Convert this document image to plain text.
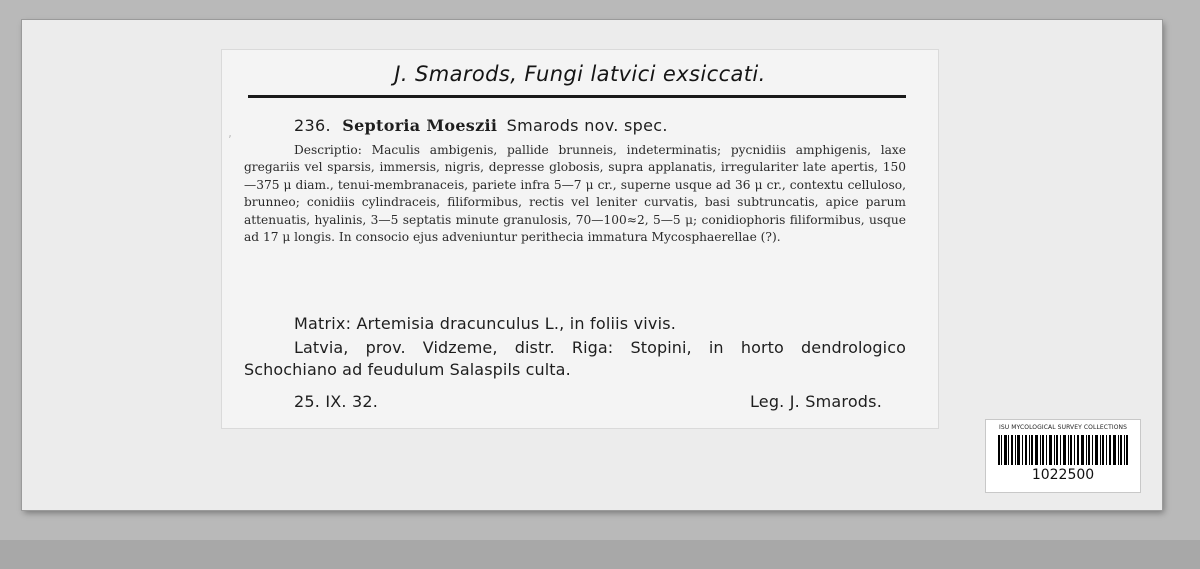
J. Smarods, Fungi latvici exsiccati.
236. Septoria Moeszii Smarods nov. spec.
Descriptio: Maculis ambigenis, pallide brunneis, indeterminatis; pycnidiis amphigenis, laxe gregariis vel sparsis, immersis, nigris, depresse globosis, supra applanatis, irregulariter late apertis, 150—375 μ diam., tenui-membranaceis, pariete infra 5—7 μ cr., superne usque ad 36 μ cr., contextu celluloso, brunneo; conidiis cylindraceis, filiformibus, rectis vel leniter curvatis, basi subtruncatis, apice parum attenuatis, hyalinis, 3—5 septatis minute granulosis, 70—100≈2, 5—5 μ; conidiophoris filiformibus, usque ad 17 μ longis. In consocio ejus adveniuntur perithecia immatura Mycosphaerellae (?).
Matrix: Artemisia dracunculus L., in foliis vivis.
Latvia, prov. Vidzeme, distr. Riga: Stopini, in horto dendrologico Schochiano ad feudulum Salaspils culta.
25. IX. 32.	Leg. J. Smarods.
ʼ
ISU MYCOLOGICAL SURVEY COLLECTIONS
1022500
